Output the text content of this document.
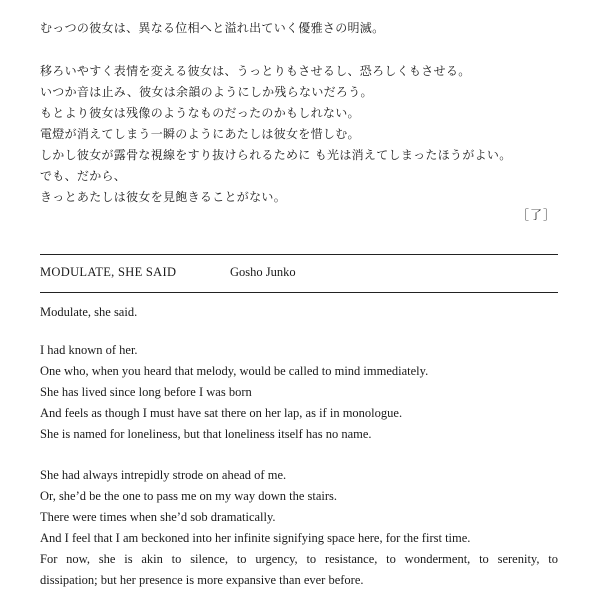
むっつの彼女は、異なる位相へと溢れ出ていく優雅さの明滅。
移ろいやすく表情を変える彼女は、うっとりもさせるし、恐ろしくもさせる。
いつか音は止み、彼女は余韻のようにしか残らないだろう。
もとより彼女は残像のようなものだったのかもしれない。
電燈が消えてしまう一瞬のようにあたしは彼女を惜しむ。
しかし彼女が露骨な視線をすり抜けられるために も光は消えてしまったほうがよい。
でも、だから、
きっとあたしは彼女を見飽きることがない。
［了］
MODULATE, SHE SAID	Gosho Junko
Modulate, she said.
I had known of her.
One who, when you heard that melody, would be called to mind immediately.
She has lived since long before I was born
And feels as though I must have sat there on her lap, as if in monologue.
She is named for loneliness, but that loneliness itself has no name.
She had always intrepidly strode on ahead of me.
Or, she’d be the one to pass me on my way down the stairs.
There were times when she’d sob dramatically.
And I feel that I am beckoned into her infinite signifying space here, for the first time.
For now, she is akin to silence, to urgency, to resistance, to wonderment, to serenity, to
dissipation; but her presence is more expansive than ever before.
